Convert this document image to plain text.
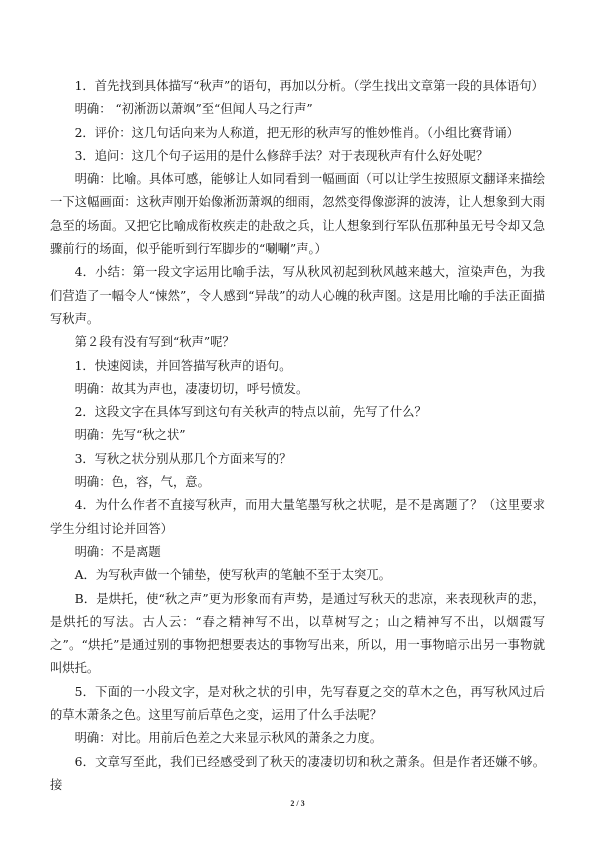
1．首先找到具体描写“秋声”的语句，再加以分析。（学生找出文章第一段的具体语句）

明确： “初淅沥以萧飒”至“但闻人马之行声”

2．评价：这几句话向来为人称道，把无形的秋声写的惟妙惟肖。（小组比赛背诵）

3．追问：这几个句子运用的是什么修辞手法？对于表现秋声有什么好处呢？

明确：比喻。具体可感，能够让人如同看到一幅画面（可以让学生按照原文翻译来描绘一下这幅画面：这秋声刚开始像淅沥萧飒的细雨，忽然变得像澎湃的波涛，让人想象到大雨急至的场面。又把它比喻成衔枚疾走的赴敌之兵，让人想象到行军队伍那种虽无号令却又急骤前行的场面，似乎能听到行军脚步的“唰唰”声。）

4．小结：第一段文字运用比喻手法，写从秋风初起到秋风越来越大，渲染声色，为我们营造了一幅令人“悚然”，令人感到“异哉”的动人心魄的秋声图。这是用比喻的手法正面描写秋声。

第２段有没有写到“秋声”呢？

1．快速阅读，并回答描写秋声的语句。

明确：故其为声也，凄凄切切，呼号愤发。

2．这段文字在具体写到这句有关秋声的特点以前，先写了什么？

明确：先写“秋之状”

3．写秋之状分别从那几个方面来写的？

明确：色，容，气，意。

4．为什么作者不直接写秋声，而用大量笔墨写秋之状呢，是不是离题了？（这里要求学生分组讨论并回答）

明确：不是离题

A．为写秋声做一个铺垫，使写秋声的笔触不至于太突兀。

B．是烘托，使“秋之声”更为形象而有声势，是通过写秋天的悲凉，来表现秋声的悲，是烘托的写法。古人云：“春之精神写不出，以草树写之；山之精神写不出，以烟霞写之”。“烘托”是通过别的事物把想要表达的事物写出来，所以，用一事物暗示出另一事物就叫烘托。

5．下面的一小段文字，是对秋之状的引申，先写春夏之交的草木之色，再写秋风过后的草木萧条之色。这里写前后草色之变，运用了什么手法呢？

明确：对比。用前后色差之大来显示秋风的萧条之力度。

6．文章写至此，我们已经感受到了秋天的凄凄切切和秋之萧条。但是作者还嫌不够。接

2 / 3
